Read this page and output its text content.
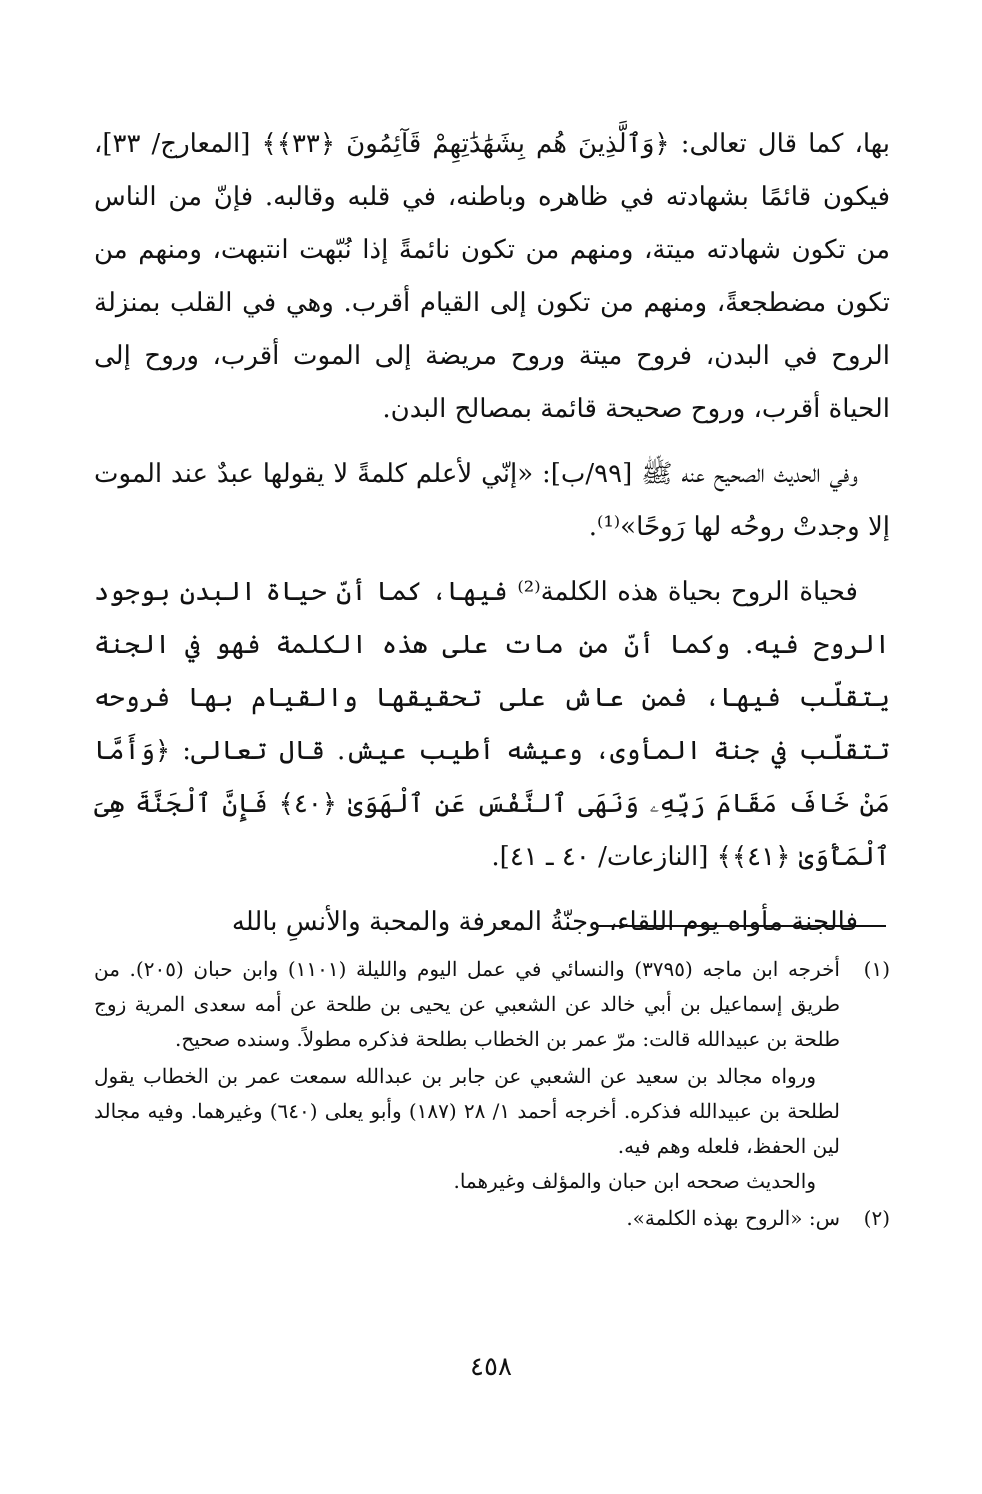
بها، كما قال تعالى: ﴿وَٱلَّذِينَ هُم بِشَهَٰدَٰتِهِمْ قَآئِمُونَ ﴿٣٣﴾﴾ [المعارج/ ٣٣]، فيكون قائمًا بشهادته في ظاهره وباطنه، في قلبه وقالبه. فإنّ من الناس من تكون شهادته ميتة، ومنهم من تكون نائمةً إذا نُبّهت انتبهت، ومنهم من تكون مضطجعةً، ومنهم من تكون إلى القيام أقرب. وهي في القلب بمنزلة الروح في البدن، فروح ميتة وروح مريضة إلى الموت أقرب، وروح إلى الحياة أقرب، وروح صحيحة قائمة بمصالح البدن.

وفي الحديث الصحيح عنه ﷺ [٩٩/ب]: «إنّي لأعلم كلمةً لا يقولها عبدٌ عند الموت إلا وجدتْ روحُه لها رَوحًا»⁽¹⁾.

فحياة الروح بحياة هذه الكلمة⁽²⁾ فيها، كما أنّ حياة البدن بوجود الروح فيه. وكما أنّ من مات على هذه الكلمة فهو في الجنة يتقلّب فيها، فمن عاش على تحقيقها والقيام بها فروحه تتقلّب في جنة المأوى، وعيشه أطيب عيش. قال تعالى: ﴿وَأَمَّا مَنْ خَافَ مَقَامَ رَبِّهِۦ وَنَهَى ٱلنَّفْسَ عَنِ ٱلْهَوَىٰ ﴿٤٠﴾ فَإِنَّ ٱلْجَنَّةَ هِىَ ٱلْمَأْوَىٰ ﴿٤١﴾﴾ [النازعات/ ٤٠ ـ ٤١].

فالجنة مأواه يوم اللقاء، وجنّةُ المعرفة والمحبة والأنسِ بالله

(١)

أخرجه ابن ماجه (٣٧٩٥) والنسائي في عمل اليوم والليلة (١١٠١) وابن حبان (٢٠٥). من طريق إسماعيل بن أبي خالد عن الشعبي عن يحيى بن طلحة عن أمه سعدى المرية زوج طلحة بن عبيدالله قالت: مرّ عمر بن الخطاب بطلحة فذكره مطولاً. وسنده صحيح.

ورواه مجالد بن سعيد عن الشعبي عن جابر بن عبدالله سمعت عمر بن الخطاب يقول لطلحة بن عبيدالله فذكره. أخرجه أحمد ١/ ٢٨ (١٨٧) وأبو يعلى (٦٤٠) وغيرهما. وفيه مجالد لين الحفظ، فلعله وهم فيه.

والحديث صححه ابن حبان والمؤلف وغيرهما.

(٢)

س: «الروح بهذه الكلمة».

٤٥٨
